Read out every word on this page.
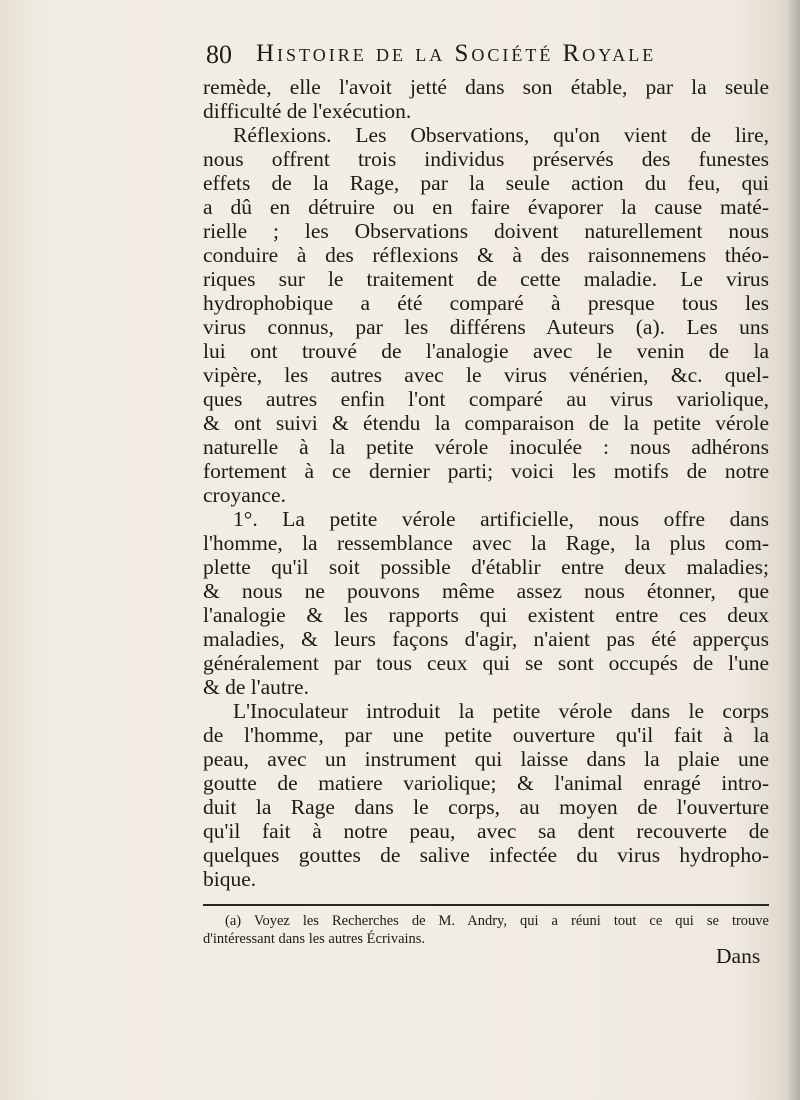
80 Histoire de la Société Royale
remède, elle l'avoit jetté dans son étable, par la seule
difficulté de l'exécution.
Réflexions. Les Observations, qu'on vient de lire,
nous offrent trois individus préservés des funestes
effets de la Rage, par la seule action du feu, qui
a dû en détruire ou en faire évaporer la cause maté-
rielle ; les Observations doivent naturellement nous
conduire à des réflexions & à des raisonnemens théo-
riques sur le traitement de cette maladie. Le virus
hydrophobique a été comparé à presque tous les
virus connus, par les différens Auteurs (a). Les uns
lui ont trouvé de l'analogie avec le venin de la
vipère, les autres avec le virus vénérien, &c. quel-
ques autres enfin l'ont comparé au virus variolique,
& ont suivi & étendu la comparaison de la petite vérole
naturelle à la petite vérole inoculée : nous adhérons
fortement à ce dernier parti; voici les motifs de notre
croyance.
1°. La petite vérole artificielle, nous offre dans
l'homme, la ressemblance avec la Rage, la plus com-
plette qu'il soit possible d'établir entre deux maladies;
& nous ne pouvons même assez nous étonner, que
l'analogie & les rapports qui existent entre ces deux
maladies, & leurs façons d'agir, n'aient pas été apperçus
généralement par tous ceux qui se sont occupés de l'une
& de l'autre.
L'Inoculateur introduit la petite vérole dans le corps
de l'homme, par une petite ouverture qu'il fait à la
peau, avec un instrument qui laisse dans la plaie une
goutte de matiere variolique; & l'animal enragé intro-
duit la Rage dans le corps, au moyen de l'ouverture
qu'il fait à notre peau, avec sa dent recouverte de
quelques gouttes de salive infectée du virus hydropho-
bique.
(a) Voyez les Recherches de M. Andry, qui a réuni tout ce qui se trouve
d'intéressant dans les autres Écrivains.
Dans
